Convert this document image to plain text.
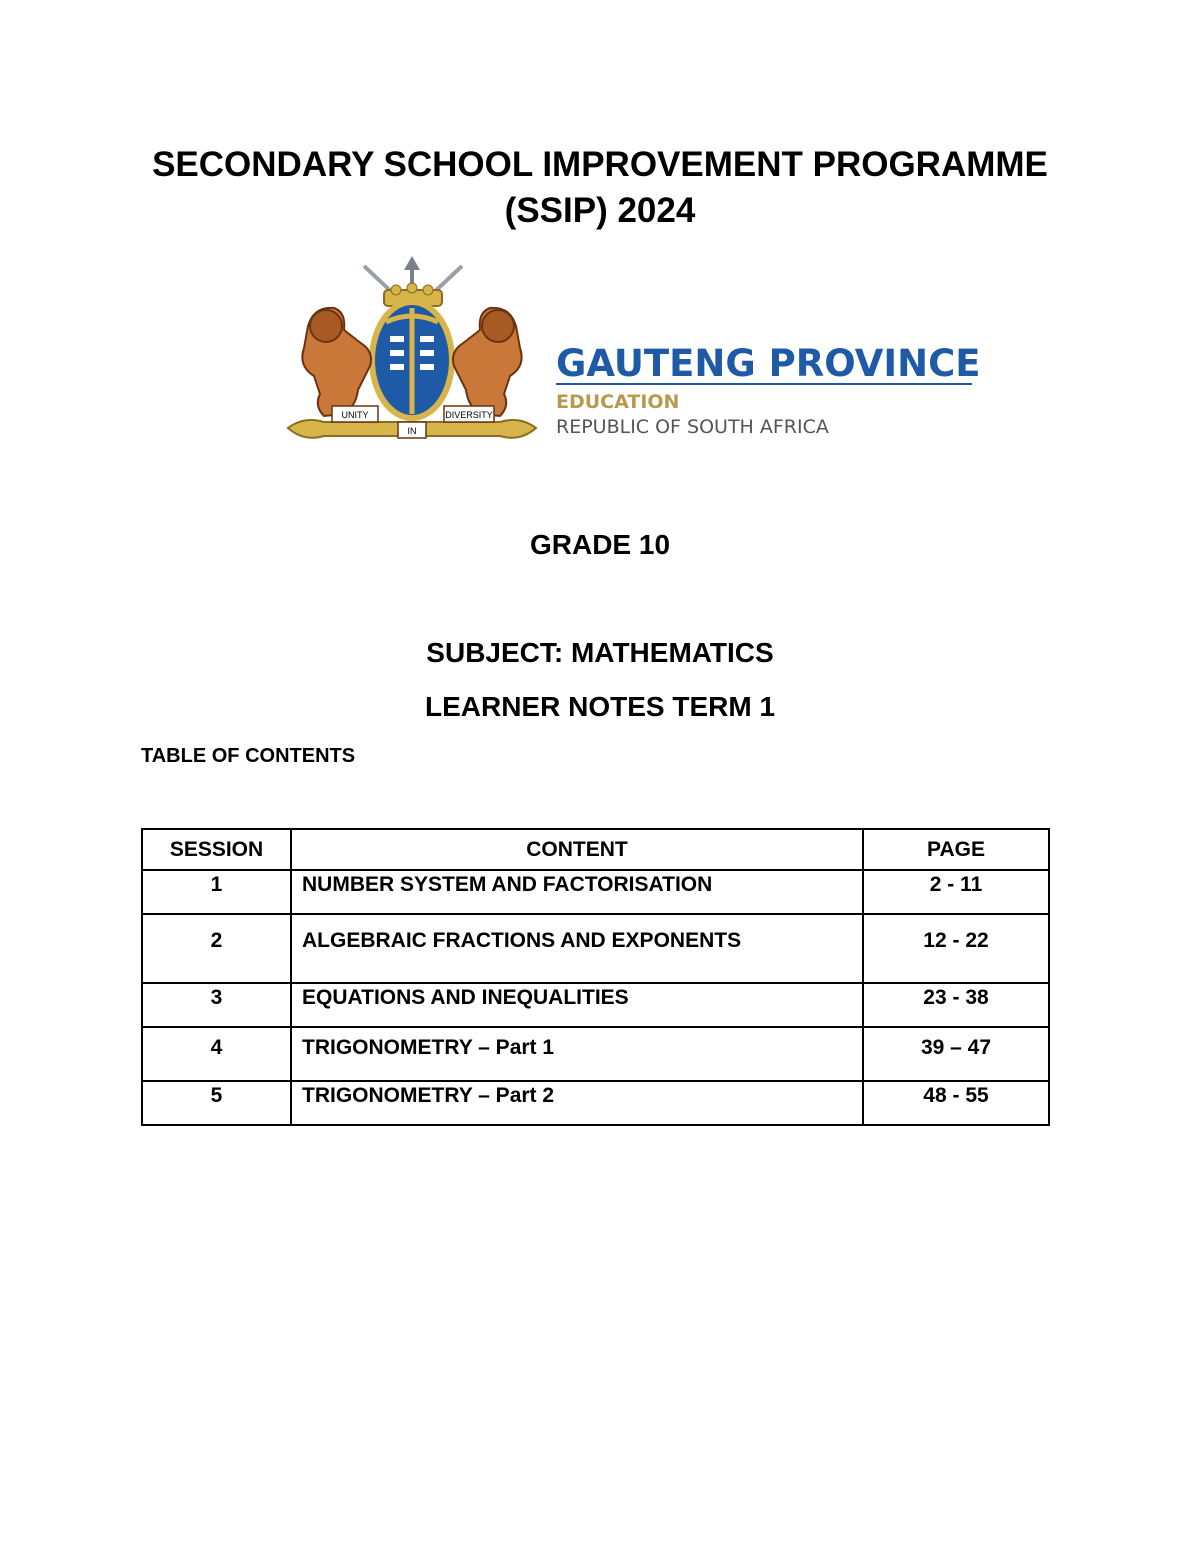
SECONDARY SCHOOL IMPROVEMENT PROGRAMME
(SSIP) 2024
UNITY	DIVERSITY
IN
GAUTENG PROVINCE
EDUCATION
REPUBLIC OF SOUTH AFRICA
GRADE 10
SUBJECT: MATHEMATICS
LEARNER NOTES TERM 1
TABLE OF CONTENTS
SESSION	CONTENT	PAGE
1	NUMBER SYSTEM AND FACTORISATION	2 - 11
2	ALGEBRAIC FRACTIONS AND EXPONENTS	12 - 22
3	EQUATIONS AND INEQUALITIES	23 - 38
4	TRIGONOMETRY – Part 1	39 – 47
5	TRIGONOMETRY – Part 2	48 - 55
